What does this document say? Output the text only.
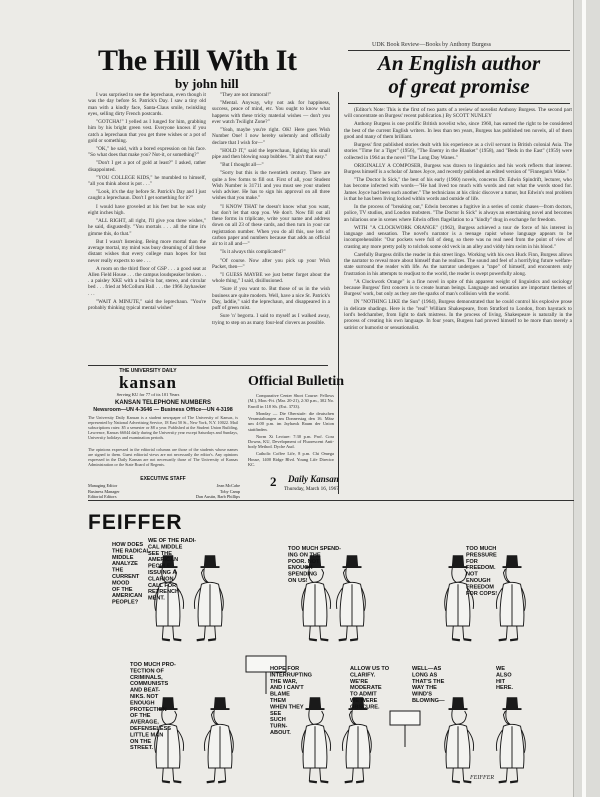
The Hill With It
by john hill

I was surprised to see the leprechaun, even though it was the day before St. Patrick's Day. I saw a tiny old man with a kindly face, Santa-Claus smile, twinkling eyes, selling dirty French postcards.

"GOTCHA!" I yelled as I lunged for him, grabbing him by his bright green vest. Everyone knows if you catch a leprechaun that you get three wishes or a pot of gold or something.

"OK," he said, with a bored expression on his face. "So what does that make you? Not-it, or something?"

"Don't I get a pot of gold at least?" I asked, rather disappointed.

"YOU COLLEGE KIDS," he mumbled to himself, "all you think about is pot . . ."

"Look, it's the day before St. Patrick's Day and I just caught a leprechaun. Don't I get something for it?"

I would have groveled at his feet but he was only eight inches high.

"ALL RIGHT, all right, I'll give you three wishes," he said, disgustedly. "You mortals . . . all the time it's gimme this, do that."

But I wasn't listening. Being more mortal than the average mortal, my mind was busy dreaming of all these distant wishes that every college man hopes for but never really expects to see . . .

A room on the third floor of GSP . . . a good seat at Allen Field House . . . the campus loudspeaker broken . . . a paisley XKE with a built-in bar, stereo, and circular bed . . . fried at McCollum Hall . . . the 1966 Jayhawker . . .

"WAIT A MINUTE," said the leprechaun. "You're probably thinking typical mental wishes"

"They are not immoral!"

"Mental. Anyway, why not ask for happiness, success, peace of mind, etc. You ought to know what happens with these tricky material wishes — don't you ever watch Twilight Zone?"

"Yeah, maybe you're right. OK! Here goes Wish Number One! I now hereby solemnly and officially declare that I wish for—"

"HOLD IT," said the leprechaun, lighting his small pipe and then blowing soap bubbles. "It ain't that easy."

"But I thought all—"

"Sorry but this is the twentieth century. There are quite a few forms to fill out. First of all, your Student Wish Number is 31711 and you must see your student wish adviser. He has to sign his approval on all three wishes that you make."

"I KNOW THAT he doesn't know what you want, but don't let that stop you. We don't. Now fill out all these forms in triplicate, write your name and address down on all 23 of these cards, and then turn in your car registration number. When you do all this, use lots of carbon paper and numbers because that adds an official air to it all and—"

"Is it always this complicated?"

"Of course. Now after you pick up your Wish Packet, then—"

"I GUESS MAYBE we just better forget about the whole thing," I said, disillusioned.

"Sure if you want to. But those of us in the wish business are quite modern. Well, have a nice St. Patrick's Day, laddie," said the leprechaun, and disappeared in a puff of green mist.

Sure 'n' begorra. I said to myself as I walked away, trying to step on as many four-leaf clovers as possible.

UDK Book Review—Books by Anthony Burgess
An English author
of great promise

(Editor's Note: This is the first of two parts of a review of novelist Anthony Burgess. The second part will concentrate on Burgess' recent publication.) By SCOTT NUNLEY

Anthony Burgess is one prolific British novelist who, since 1960, has earned the right to be considered the best of the current English writers. In less than ten years, Burgess has published ten novels, all of them good and many of them brilliant.

Burgess' first published stories dealt with his experience as a civil servant in British colonial Asia. The stories "Time for a Tiger" (1956), "The Enemy in the Blanket" (1958), and "Beds in the East" (1959) were collected in 1964 as the novel "The Long Day Wanes."

ORIGINALLY A COMPOSER, Burgess was drawn to linguistics and his work reflects that interest. Burgess himself is a scholar of James Joyce, and recently published an edited version of "Finnegan's Wake."

"The Doctor Is Sick," the best of his early (1960) novels, concerns Dr. Edwin Spindrift, lecturer, who has become infected with words—"He had lived too much with words and not what the words stood for. James Joyce had been such another." The technicians at his clinic discover a tumor, but Edwin's real problem is that he has been living locked within words and outside of life.

In the process of "breaking out," Edwin becomes a fugitive in a series of comic chases—from doctors, police, TV studios, and London mobsters. "The Doctor Is Sick" is always an entertaining novel and becomes an hilarious one in scenes where Edwin offers flagellation to a "kindly" thug in exchange for freedom.

WITH "A CLOCKWORK ORANGE" (1962), Burgess achieved a tour de force of his interest in language and sensation. The novel's narrator is a teenage rapist whose language appears to be incomprehensible: "Our pockets were full of deng, so there was no real need from the point of view of crasting any more pretty polly to tolchok some old veck in an alley and viddy him swim in his blood."

Carefully Burgess drills the reader in this street lingo. Working with his own Huck Finn, Burgess allows the narrator to reveal more about himself than he realizes. The sound and feel of a horrifying future welfare-state surround the reader with life. As the narrator undergoes a "rape" of himself, and encounters only frustration in his attempts to readjust to the world, the reader is swept powerfully along.

"A Clockwork Orange" is a fine novel in spite of this apparent weight of linguistics and sociology because Burgess' first concern is to create human beings. Language and sensation are important themes of Burgess' work, but only as they are the sparks of man's collision with the world.

IN "NOTHING LIKE the Sun" (1964), Burgess demonstrated that he could control his explosive prose in delicate shadings. Here is the "real" William Shakespeare, from Stratford to London, from haystack to lord's bedchamber, from light to dark mistress. In the process of living, Shakespeare is naturally in the process of creating his own language. In four years, Burgess had proved himself to be more than merely a satirist or humorist or sensationalist.

THE UNIVERSITY DAILY
kansan
Serving KU for 77 of its 101 Years
KANSAN TELEPHONE NUMBERS
Newsroom—UN 4-3646 — Business Office—UN 4-3198
The University Daily Kansan is a student newspaper of The University of Kansas, is represented by National Advertising Service, 18 East 50 St., New York, N.Y. 10022. Mail subscriptions rates: $5 a semester or $8 a year. Published at the Student Union Building, Lawrence, Kansas 66044 daily during the University year except Saturdays and Sundays, University holidays and examination periods.
The opinions expressed in the editorial columns are those of the students whose names are signed to them. Guest editorial views are not necessarily the editor's. Any opinions expressed in the Daily Kansan are not necessarily those of The University of Kansas Administration or the State Board of Regents.
EXECUTIVE STAFF
Managing Editor
Business Manager
Editorial Editors
Jean McCabe
Toby Camp
Dan Austin, Barb Phillips
Official Bulletin

Comparative Center Short Course: Fellows (M.), Mon.-Fri. (Mar. 20-21), 2:30 p.m., 302 No. Enroll in 118 Sh. (Ext. 3733).

Monday — Die Oberstufe: die deutschen Veranstaltungen am Donnerstag den 16. März um 4:00 p.m. im Jayhawk Raum der Union stattfinden.

Norm Xi Lecture: 7:30 p.m. Prof. Cora Downs, KU, Development of Fluorescent Anti-body Method. Dyche Aud.

Catholic Coffee Life, 8 p.m. Chi Omega House, 1400 Ridge Blvd. Young Life Director KC.

2 Daily Kansan
Thursday, March 16, 1967
FEIFFER
HOW DOES THE RADICAL MIDDLE ANALYZE THE CURRENT MOOD OF THE AMERICAN PEOPLE?
WE OF THE RADI-CAL MIDDLE SEE THE AMERICAN PEOPLE ISSUING A CLARION CALL FOR RETRENCH-MENT.
TOO MUCH SPEND-ING ON THE POOR. NOT ENOUGH SPENDING ON US!
TOO MUCH PRESSURE FOR FREEDOM. NOT ENOUGH FREEDOM FOR COPS!
TOO MUCH PRO-TECTION OF CRIMINALS, COMMUNISTS AND BEAT-NIKS. NOT ENOUGH PROTECTION OF THE AVERAGE, DEFENSELESS LITTLE MAN ON THE STREET.
HOPE FOR INTERRUPTING THE WAR, AND I CAN'T BLAME THEM WHEN THEY SEE SUCH TURN-ABOUT.
ALLOW US TO CLARIFY. WE'RE MODERATE TO ADMIT WE WERE OBSCURE.
WELL—AS LONG AS THAT'S THE WAY THE WIND'S BLOWING—
WE ALSO HIT HERE.
FEIFFER
